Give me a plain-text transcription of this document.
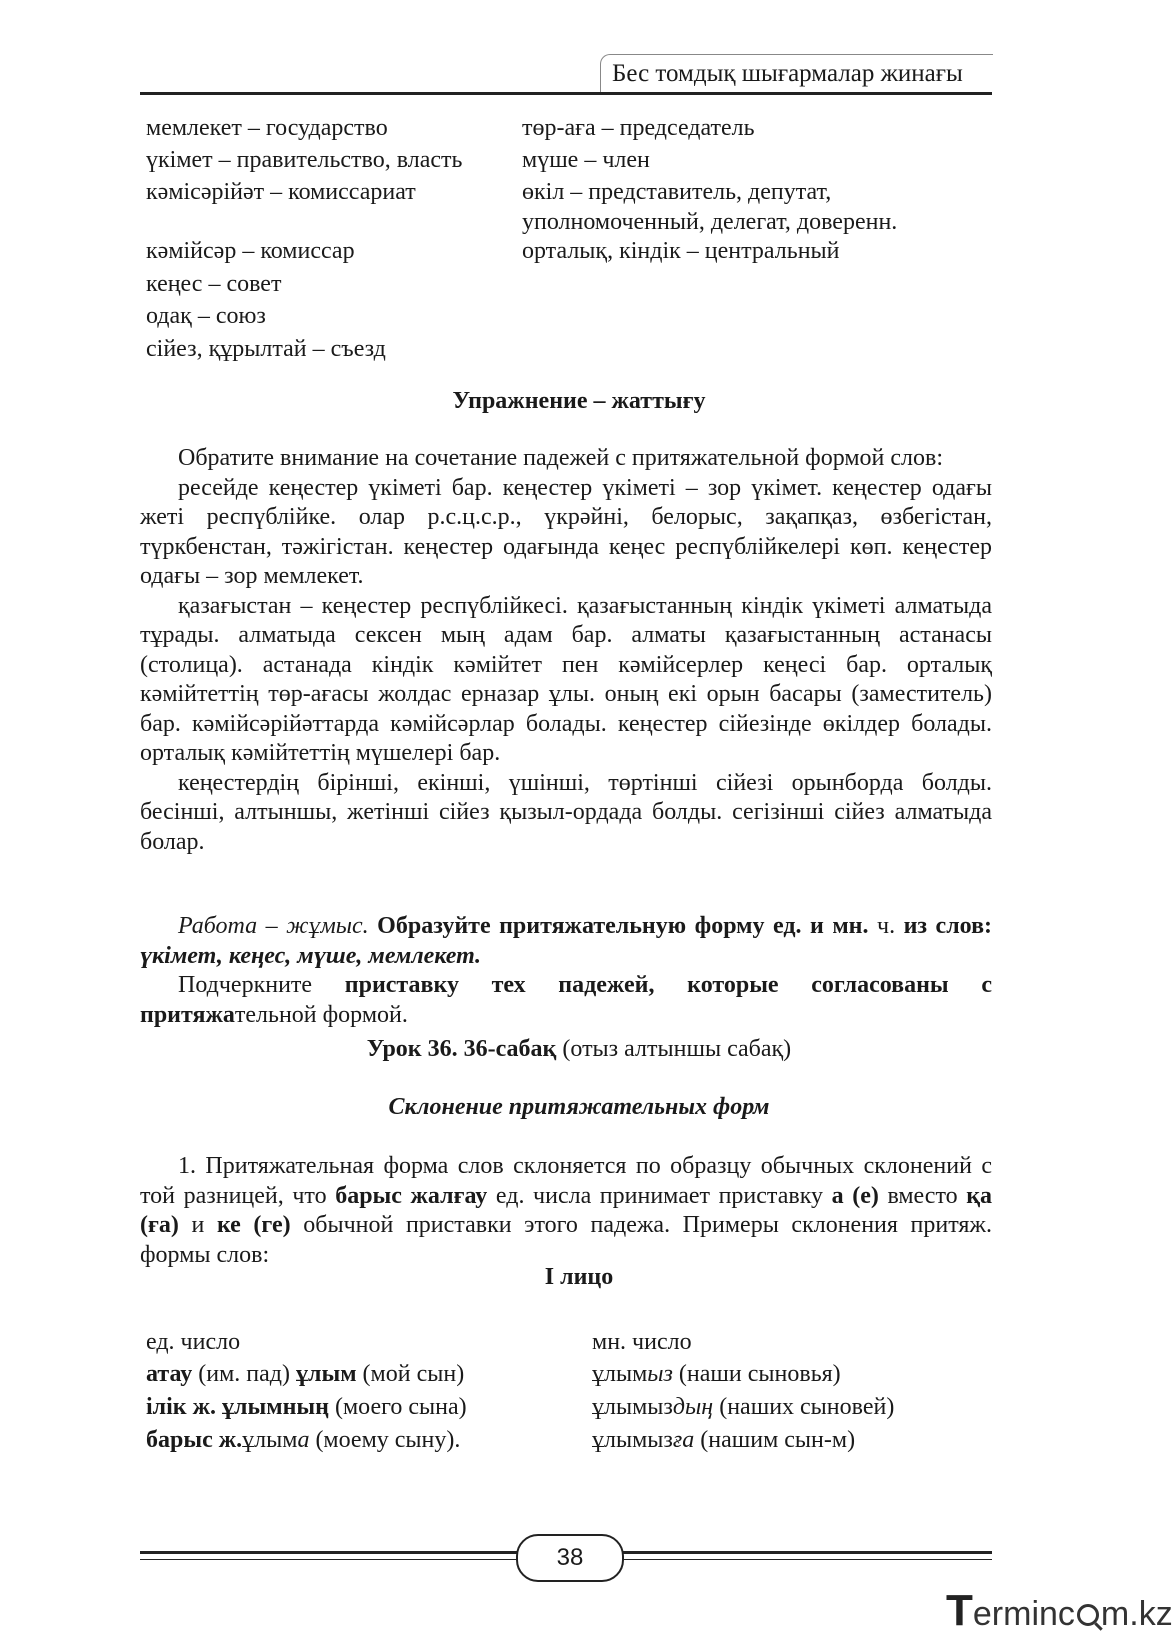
Бес томдық шығармалар жинағы
мемлекет – государство
үкімет – правительство, власть
кәмісәрійәт – комиссариат
кәмійсәр – комиссар
кеңес – совет
одақ – союз
сійез, құрылтай – съезд
төр-аға – председатель
мүше – член
өкіл – представитель, депутат,
уполномоченный, делегат, доверенн.
орталық, кіндік – центральный
Упражнение – жаттығу

Обратите внимание на сочетание падежей с притяжательной формой слов:

ресейде кеңестер үкіметі бар. кеңестер үкіметі – зор үкімет. кеңестер одағы жеті респүблійке. олар р.с.ц.с.р., үкрәйні, белорыс, зақапқаз, өзбегістан, түркбенстан, тәжігістан. кеңестер одағында кеңес респүблійкелері көп. кеңестер одағы – зор мемлекет.

қазағыстан – кеңестер респүблійкесі. қазағыстанның кіндік үкіметі алматыда тұрады. алматыда сексен мың адам бар. алматы қазағыстанның астанасы (столица). астанада кіндік кәмійтет пен кәмійсерлер кеңесі бар. орталық кәмійтеттің төр-ағасы жолдас ерназар ұлы. оның екі орын басары (заместитель) бар. кәмійсәрійәттарда кәмійсәрлар болады. кеңестер сійезінде өкілдер болады. орталық кәмійтеттің мүшелері бар.

кеңестердің бірінші, екінші, үшінші, төртінші сійезі орынборда болды. бесінші, алтыншы, жетінші сійез қызыл-ордада болды. сегізінші сійез алматыда болар.

Работа – жұмыс. Образуйте притяжательную форму ед. и мн. ч. из слов: үкімет, кеңес, мүше, мемлекет.

Подчеркните приставку тех падежей, которые согласованы с притяжательной формой.

Урок 36. 36-сабақ (отыз алтыншы сабақ)
Склонение притяжательных форм

1. Притяжательная форма слов склоняется по образцу обычных склонений с той разницей, что барыс жалғау ед. числа принимает приставку а (е) вместо қа (ға) и ке (ге) обычной приставки этого падежа. Примеры склонения притяж. формы слов:

I лицо
ед. число	мн. число
атау (им. пад) ұлым (мой сын)
ілік ж. ұлымның (моего сына)
барыс ж.ұлыма (моему сыну).
ұлымыз (наши сыновья)
ұлымыздың (наших сыновей)
ұлымызға (нашим сын-м)
38
Terminc m.kz
